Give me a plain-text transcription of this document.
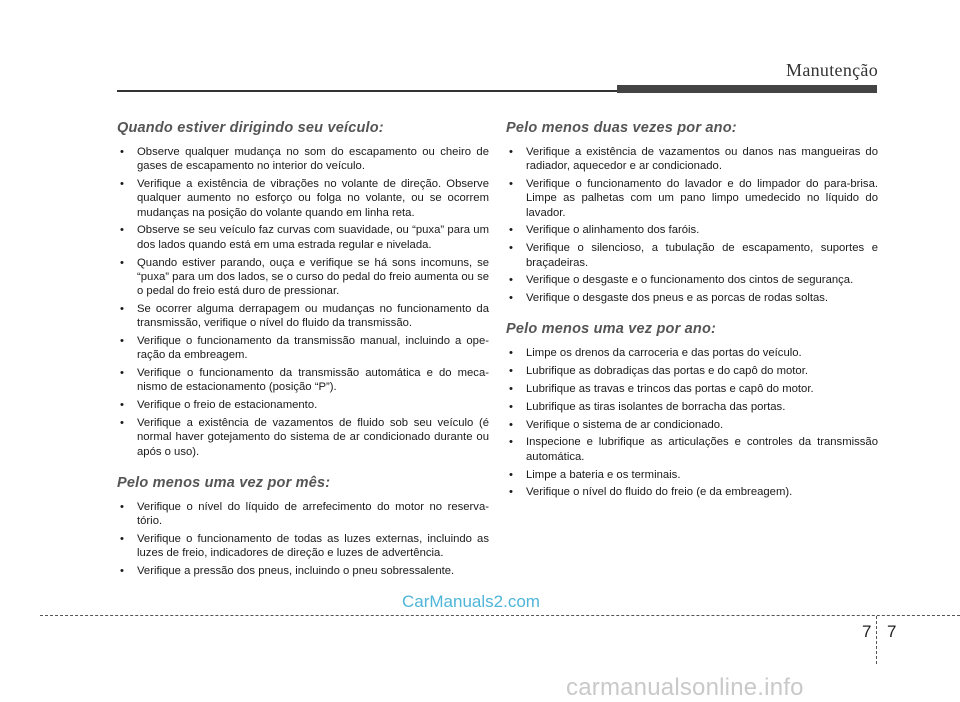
Manutenção
Quando estiver dirigindo seu veículo:
• Observe qualquer mudança no som do escapamento ou cheiro de gases de escapamento no interior do veículo.
• Verifique a existência de vibrações no volante de direção. Observe qualquer aumento no esforço ou folga no volante, ou se ocorrem mudanças na posição do volante quando em linha reta.
• Observe se seu veículo faz curvas com suavidade, ou “puxa” para um dos lados quando está em uma estrada regular e nivelada.
• Quando estiver parando, ouça e verifique se há sons incomuns, se “puxa” para um dos lados, se o curso do pedal do freio aumenta ou se o pedal do freio está duro de pressionar.
• Se ocorrer alguma derrapagem ou mudanças no funcionamento da transmissão, verifique o nível do fluido da transmissão.
• Verifique o funcionamento da transmissão manual, incluindo a ope-ração da embreagem.
• Verifique o funcionamento da transmissão automática e do meca-nismo de estacionamento (posição “P”).
• Verifique o freio de estacionamento.
• Verifique a existência de vazamentos de fluido sob seu veículo (é normal haver gotejamento do sistema de ar condicionado durante ou após o uso).
Pelo menos uma vez por mês:
• Verifique o nível do líquido de arrefecimento do motor no reserva-tório.
• Verifique o funcionamento de todas as luzes externas, incluindo as luzes de freio, indicadores de direção e luzes de advertência.
• Verifique a pressão dos pneus, incluindo o pneu sobressalente.
Pelo menos duas vezes por ano:
• Verifique a existência de vazamentos ou danos nas mangueiras do radiador, aquecedor e ar condicionado.
• Verifique o funcionamento do lavador e do limpador do para-brisa. Limpe as palhetas com um pano limpo umedecido no líquido do lavador.
• Verifique o alinhamento dos faróis.
• Verifique o silencioso, a tubulação de escapamento, suportes e braçadeiras.
• Verifique o desgaste e o funcionamento dos cintos de segurança.
• Verifique o desgaste dos pneus e as porcas de rodas soltas.
Pelo menos uma vez por ano:
• Limpe os drenos da carroceria e das portas do veículo.
• Lubrifique as dobradiças das portas e do capô do motor.
• Lubrifique as travas e trincos das portas e capô do motor.
• Lubrifique as tiras isolantes de borracha das portas.
• Verifique o sistema de ar condicionado.
• Inspecione e lubrifique as articulações e controles da transmissão automática.
• Limpe a bateria e os terminais.
• Verifique o nível do fluido do freio (e da embreagem).
CarManuals2.com
7 7
carmanualsonline.info
